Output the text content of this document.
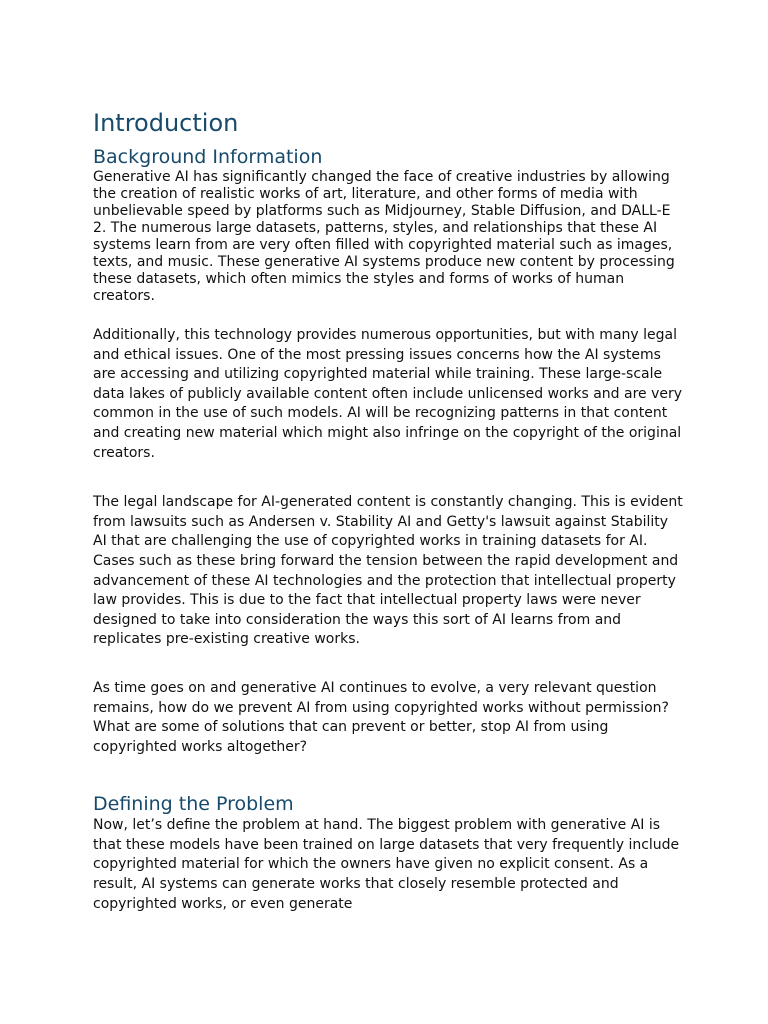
Introduction
Background Information

Generative AI has significantly changed the face of creative industries by allowing the creation of realistic works of art, literature, and other forms of media with unbelievable speed by platforms such as Midjourney, Stable Diffusion, and DALL-E 2. The numerous large datasets, patterns, styles, and relationships that these AI systems learn from are very often filled with copyrighted material such as images, texts, and music. These generative AI systems produce new content by processing these datasets, which often mimics the styles and forms of works of human creators.

Additionally, this technology provides numerous opportunities, but with many legal and ethical issues. One of the most pressing issues concerns how the AI systems are accessing and utilizing copyrighted material while training. These large-scale data lakes of publicly available content often include unlicensed works and are very common in the use of such models. AI will be recognizing patterns in that content and creating new material which might also infringe on the copyright of the original creators.

The legal landscape for AI-generated content is constantly changing. This is evident from lawsuits such as Andersen v. Stability AI and Getty's lawsuit against Stability AI that are challenging the use of copyrighted works in training datasets for AI. Cases such as these bring forward the tension between the rapid development and advancement of these AI technologies and the protection that intellectual property law provides. This is due to the fact that intellectual property laws were never designed to take into consideration the ways this sort of AI learns from and replicates pre-existing creative works.

As time goes on and generative AI continues to evolve, a very relevant question remains, how do we prevent AI from using copyrighted works without permission? What are some of solutions that can prevent or better, stop AI from using copyrighted works altogether?

Defining the Problem

Now, let’s define the problem at hand. The biggest problem with generative AI is that these models have been trained on large datasets that very frequently include copyrighted material for which the owners have given no explicit consent. As a result, AI systems can generate works that closely resemble protected and copyrighted works, or even generate
